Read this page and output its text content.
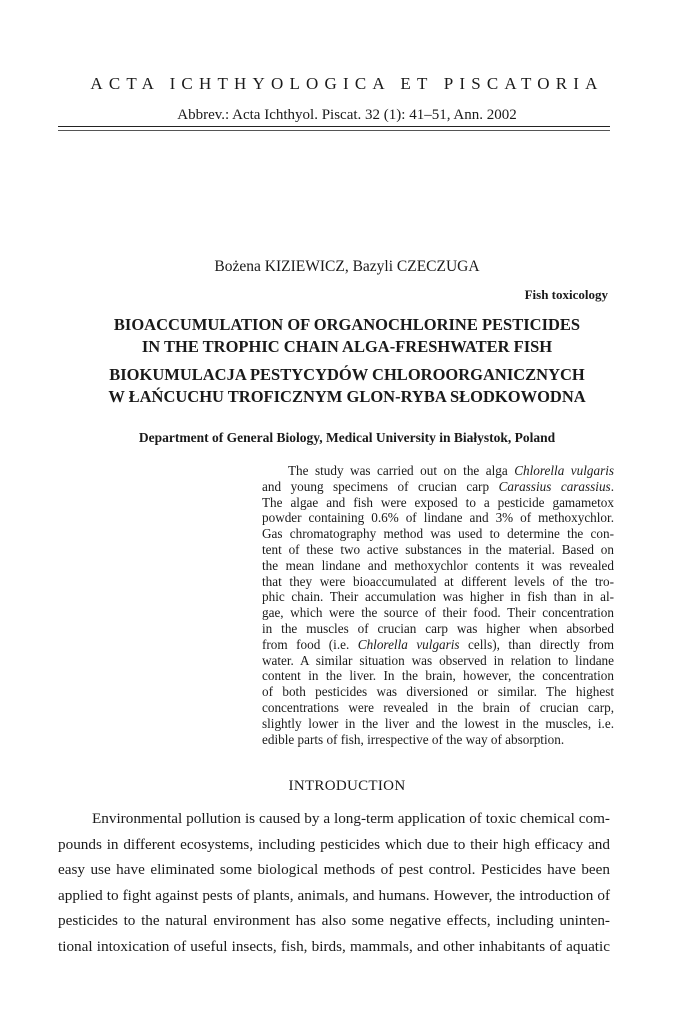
ACTA ICHTHYOLOGICA ET PISCATORIA
Abbrev.: Acta Ichthyol. Piscat. 32 (1): 41–51, Ann. 2002
Bożena KIZIEWICZ, Bazyli CZECZUGA
Fish toxicology
BIOACCUMULATION OF ORGANOCHLORINE PESTICIDES
IN THE TROPHIC CHAIN ALGA-FRESHWATER FISH
BIOKUMULACJA PESTYCYDÓW CHLOROORGANICZNYCH
W ŁAŃCUCHU TROFICZNYM GLON-RYBA SŁODKOWODNA
Department of General Biology, Medical University in Białystok, Poland
The study was carried out on the alga Chlorella vulgaris
and young specimens of crucian carp Carassius carassius.
The algae and fish were exposed to a pesticide gamametox
powder containing 0.6% of lindane and 3% of methoxychlor.
Gas chromatography method was used to determine the con-
tent of these two active substances in the material. Based on
the mean lindane and methoxychlor contents it was revealed
that they were bioaccumulated at different levels of the tro-
phic chain. Their accumulation was higher in fish than in al-
gae, which were the source of their food. Their concentration
in the muscles of crucian carp was higher when absorbed
from food (i.e. Chlorella vulgaris cells), than directly from
water. A similar situation was observed in relation to lindane
content in the liver. In the brain, however, the concentration
of both pesticides was diversioned or similar. The highest
concentrations were revealed in the brain of crucian carp,
slightly lower in the liver and the lowest in the muscles, i.e.
edible parts of fish, irrespective of the way of absorption.
INTRODUCTION
Environmental pollution is caused by a long-term application of toxic chemical com-
pounds in different ecosystems, including pesticides which due to their high efficacy and
easy use have eliminated some biological methods of pest control. Pesticides have been
applied to fight against pests of plants, animals, and humans. However, the introduction of
pesticides to the natural environment has also some negative effects, including uninten-
tional intoxication of useful insects, fish, birds, mammals, and other inhabitants of aquatic
